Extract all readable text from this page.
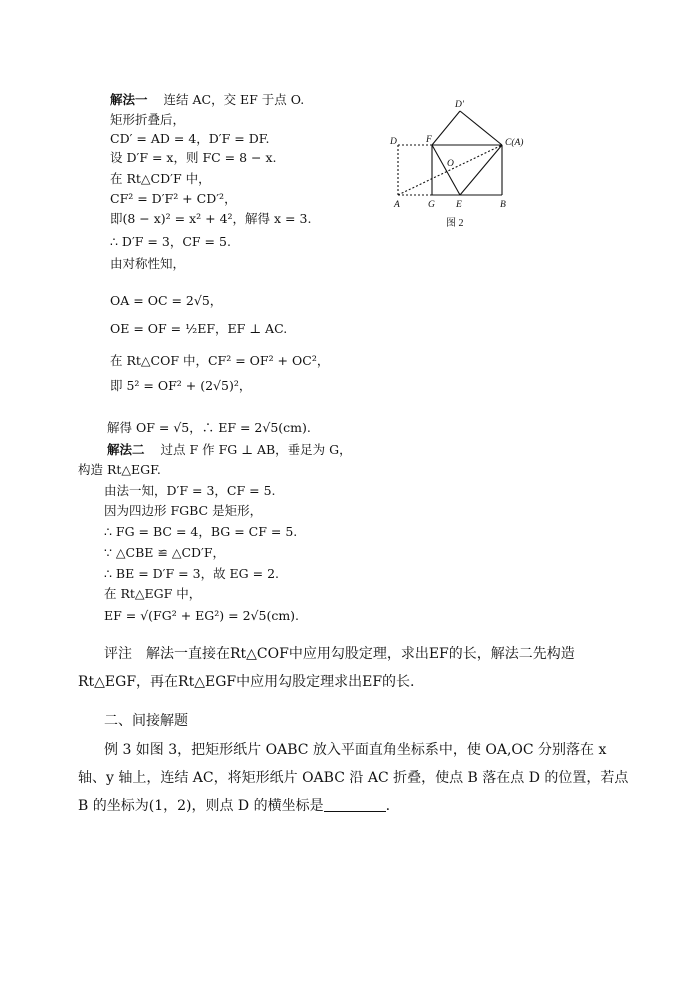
解法一 连结 AC，交 EF 于点 O.
矩形折叠后，
CD′ = AD = 4，D′F = DF.
设 D′F = x，则 FC = 8 − x.
在 Rt△CD′F 中，
CF² = D′F² + CD′²，
即(8 − x)² = x² + 4²，解得 x = 3.
∴ D′F = 3，CF = 5.
由对称性知，
OA = OC = 2√5，
OE = OF = ½EF，EF ⊥ AC.
在 Rt△COF 中，CF² = OF² + OC²，
即 5² = OF² + (2√5)²，
解得 OF = √5，∴ EF = 2√5(cm).
解法二 过点 F 作 FG ⊥ AB，垂足为 G，
构造 Rt△EGF.
由法一知，D′F = 3，CF = 5.
因为四边形 FGBC 是矩形，
∴ FG = BC = 4，BG = CF = 5.
∵ △CBE ≌ △CD′F，
∴ BE = D′F = 3，故 EG = 2.
在 Rt△EGF 中，
EF = √(FG² + EG²) = 2√5(cm).
评注　解法一直接在Rt△COF中应用勾股定理，求出EF的长，解法二先构造Rt△EGF，再在Rt△EGF中应用勾股定理求出EF的长.
二、间接解题
例 3 如图 3，把矩形纸片 OABC 放入平面直角坐标系中，使 OA,OC 分别落在 x 轴、y 轴上，连结 AC，将矩形纸片 OABC 沿 AC 折叠，使点 B 落在点 D 的位置，若点 B 的坐标为(1，2)，则点 D 的横坐标是	.
D′
D	F	C(A)
O
A	G E	B
图 2
